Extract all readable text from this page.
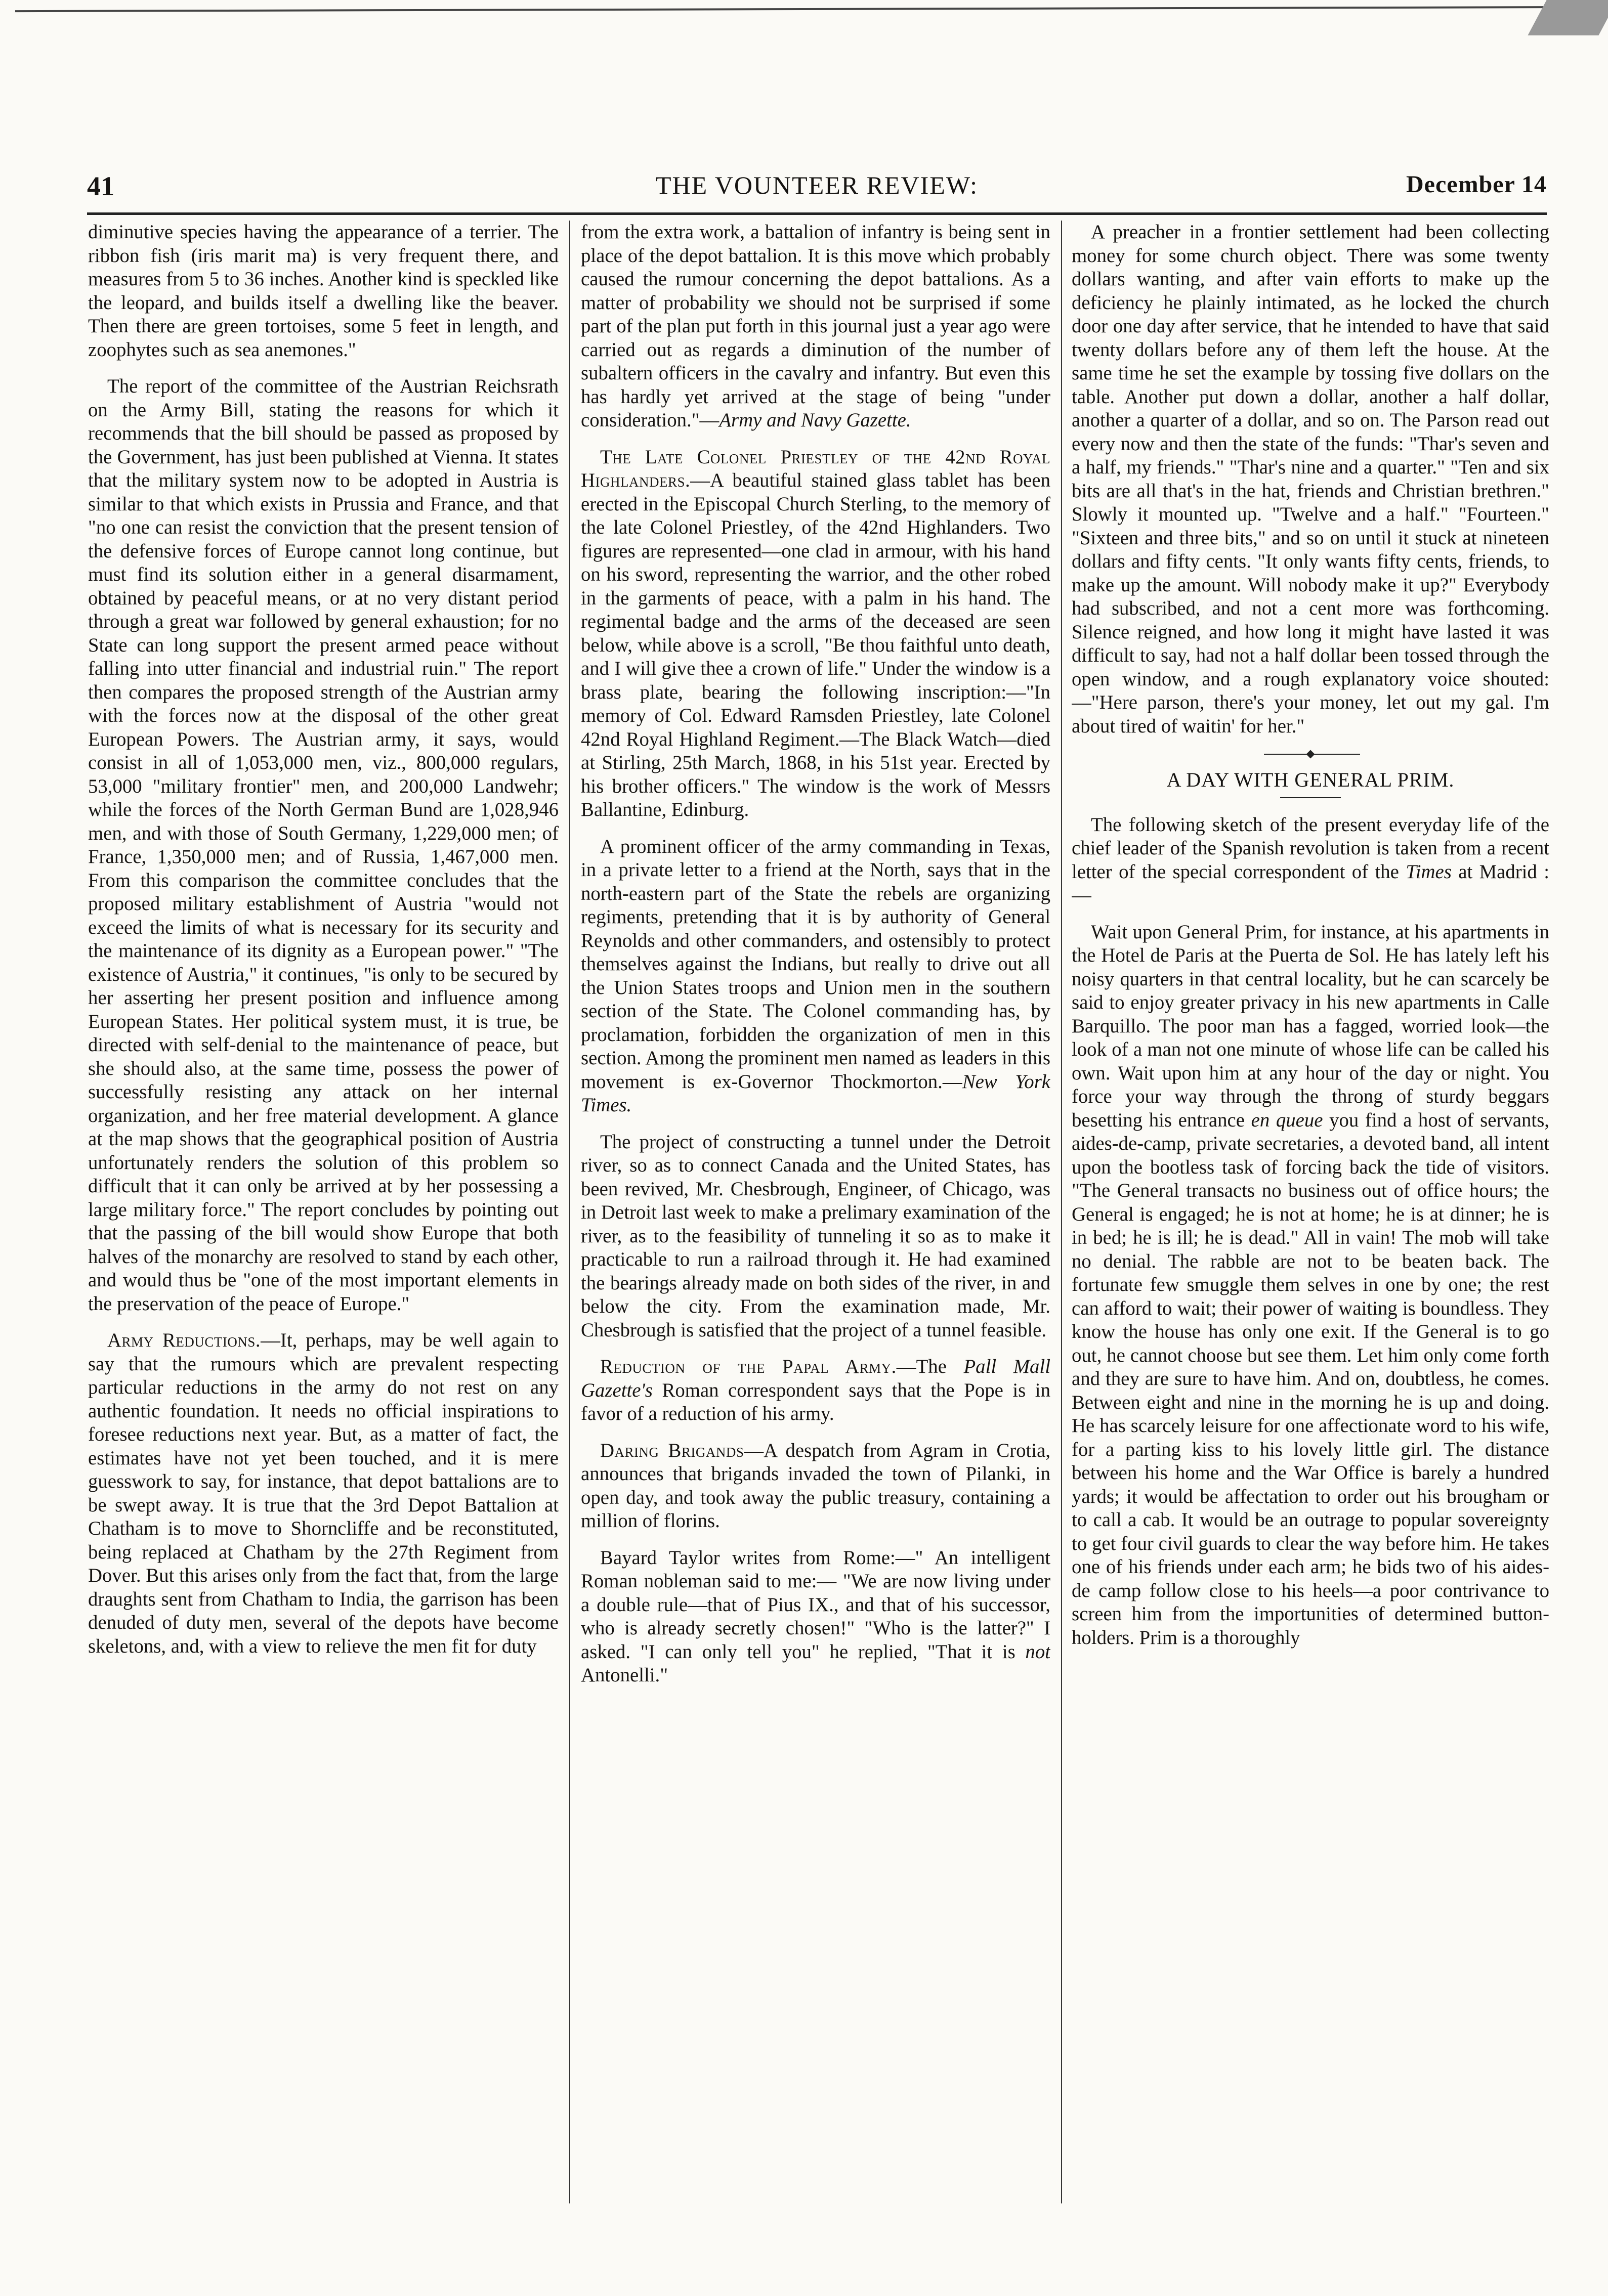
41	THE VOUNTEER REVIEW:	December 14

diminutive species having the appearance of a terrier. The ribbon fish (iris marit ma) is very frequent there, and measures from 5 to 36 inches. Another kind is speckled like the leopard, and builds itself a dwelling like the beaver. Then there are green tortoises, some 5 feet in length, and zoophytes such as sea anemones."

The report of the committee of the Austrian Reichsrath on the Army Bill, stating the reasons for which it recommends that the bill should be passed as proposed by the Government, has just been published at Vienna. It states that the military system now to be adopted in Austria is similar to that which exists in Prussia and France, and that "no one can resist the conviction that the present tension of the defensive forces of Europe cannot long continue, but must find its solution either in a general disarmament, obtained by peaceful means, or at no very distant period through a great war followed by general exhaustion; for no State can long support the present armed peace without falling into utter financial and industrial ruin." The report then compares the proposed strength of the Austrian army with the forces now at the disposal of the other great European Powers. The Austrian army, it says, would consist in all of 1,053,000 men, viz., 800,000 regulars, 53,000 "military frontier" men, and 200,000 Landwehr; while the forces of the North German Bund are 1,028,946 men, and with those of South Germany, 1,229,000 men; of France, 1,350,000 men; and of Russia, 1,467,000 men. From this comparison the committee concludes that the proposed military establishment of Austria "would not exceed the limits of what is necessary for its security and the maintenance of its dignity as a European power." "The existence of Austria," it continues, "is only to be secured by her asserting her present position and influence among European States. Her political system must, it is true, be directed with self-denial to the maintenance of peace, but she should also, at the same time, possess the power of successfully resisting any attack on her internal organization, and her free material development. A glance at the map shows that the geographical position of Austria unfortunately renders the solution of this problem so difficult that it can only be arrived at by her possessing a large military force." The report concludes by pointing out that the passing of the bill would show Europe that both halves of the monarchy are resolved to stand by each other, and would thus be "one of the most important elements in the preservation of the peace of Europe."

Army Reductions.—It, perhaps, may be well again to say that the rumours which are prevalent respecting particular reductions in the army do not rest on any authentic foundation. It needs no official inspirations to foresee reductions next year. But, as a matter of fact, the estimates have not yet been touched, and it is mere guesswork to say, for instance, that depot battalions are to be swept away. It is true that the 3rd Depot Battalion at Chatham is to move to Shorncliffe and be reconstituted, being replaced at Chatham by the 27th Regiment from Dover. But this arises only from the fact that, from the large draughts sent from Chatham to India, the garrison has been denuded of duty men, several of the depots have become skeletons, and, with a view to relieve the men fit for duty

from the extra work, a battalion of infantry is being sent in place of the depot battalion. It is this move which probably caused the rumour concerning the depot battalions. As a matter of probability we should not be surprised if some part of the plan put forth in this journal just a year ago were carried out as regards a diminution of the number of subaltern officers in the cavalry and infantry. But even this has hardly yet arrived at the stage of being "under consideration."—Army and Navy Gazette.

The Late Colonel Priestley of the 42nd Royal Highlanders.—A beautiful stained glass tablet has been erected in the Episcopal Church Sterling, to the memory of the late Colonel Priestley, of the 42nd Highlanders. Two figures are represented—one clad in armour, with his hand on his sword, representing the warrior, and the other robed in the garments of peace, with a palm in his hand. The regimental badge and the arms of the deceased are seen below, while above is a scroll, "Be thou faithful unto death, and I will give thee a crown of life." Under the window is a brass plate, bearing the following inscription:—"In memory of Col. Edward Ramsden Priestley, late Colonel 42nd Royal Highland Regiment.—The Black Watch—died at Stirling, 25th March, 1868, in his 51st year. Erected by his brother officers." The window is the work of Messrs Ballantine, Edinburg.

A prominent officer of the army commanding in Texas, in a private letter to a friend at the North, says that in the north-eastern part of the State the rebels are organizing regiments, pretending that it is by authority of General Reynolds and other commanders, and ostensibly to protect themselves against the Indians, but really to drive out all the Union States troops and Union men in the southern section of the State. The Colonel commanding has, by proclamation, forbidden the organization of men in this section. Among the prominent men named as leaders in this movement is ex-Governor Thockmorton.—New York Times.

The project of constructing a tunnel under the Detroit river, so as to connect Canada and the United States, has been revived, Mr. Chesbrough, Engineer, of Chicago, was in Detroit last week to make a prelimary examination of the river, as to the feasibility of tunneling it so as to make it practicable to run a railroad through it. He had examined the bearings already made on both sides of the river, in and below the city. From the examination made, Mr. Chesbrough is satisfied that the project of a tunnel feasible.

Reduction of the Papal Army.—The Pall Mall Gazette's Roman correspondent says that the Pope is in favor of a reduction of his army.

Daring Brigands—A despatch from Agram in Crotia, announces that brigands invaded the town of Pilanki, in open day, and took away the public treasury, containing a million of florins.

Bayard Taylor writes from Rome:—" An intelligent Roman nobleman said to me:— "We are now living under a double rule—that of Pius IX., and that of his successor, who is already secretly chosen!" "Who is the latter?" I asked. "I can only tell you" he replied, "That it is not Antonelli."

A preacher in a frontier settlement had been collecting money for some church object. There was some twenty dollars wanting, and after vain efforts to make up the deficiency he plainly intimated, as he locked the church door one day after service, that he intended to have that said twenty dollars before any of them left the house. At the same time he set the example by tossing five dollars on the table. Another put down a dollar, another a half dollar, another a quarter of a dollar, and so on. The Parson read out every now and then the state of the funds: "Thar's seven and a half, my friends." "Thar's nine and a quarter." "Ten and six bits are all that's in the hat, friends and Christian brethren." Slowly it mounted up. "Twelve and a half." "Fourteen." "Sixteen and three bits," and so on until it stuck at nineteen dollars and fifty cents. "It only wants fifty cents, friends, to make up the amount. Will nobody make it up?" Everybody had subscribed, and not a cent more was forthcoming. Silence reigned, and how long it might have lasted it was difficult to say, had not a half dollar been tossed through the open window, and a rough explanatory voice shouted:—"Here parson, there's your money, let out my gal. I'm about tired of waitin' for her."

A DAY WITH GENERAL PRIM.

The following sketch of the present everyday life of the chief leader of the Spanish revolution is taken from a recent letter of the special correspondent of the Times at Madrid :—

Wait upon General Prim, for instance, at his apartments in the Hotel de Paris at the Puerta de Sol. He has lately left his noisy quarters in that central locality, but he can scarcely be said to enjoy greater privacy in his new apartments in Calle Barquillo. The poor man has a fagged, worried look—the look of a man not one minute of whose life can be called his own. Wait upon him at any hour of the day or night. You force your way through the throng of sturdy beggars besetting his entrance en queue you find a host of servants, aides-de-camp, private secretaries, a devoted band, all intent upon the bootless task of forcing back the tide of visitors. "The General transacts no business out of office hours; the General is engaged; he is not at home; he is at dinner; he is in bed; he is ill; he is dead." All in vain! The mob will take no denial. The rabble are not to be beaten back. The fortunate few smuggle them selves in one by one; the rest can afford to wait; their power of waiting is boundless. They know the house has only one exit. If the General is to go out, he cannot choose but see them. Let him only come forth and they are sure to have him. And on, doubtless, he comes. Between eight and nine in the morning he is up and doing. He has scarcely leisure for one affectionate word to his wife, for a parting kiss to his lovely little girl. The distance between his home and the War Office is barely a hundred yards; it would be affectation to order out his brougham or to call a cab. It would be an outrage to popular sovereignty to get four civil guards to clear the way before him. He takes one of his friends under each arm; he bids two of his aides-de camp follow close to his heels—a poor contrivance to screen him from the importunities of determined button-holders. Prim is a thoroughly
